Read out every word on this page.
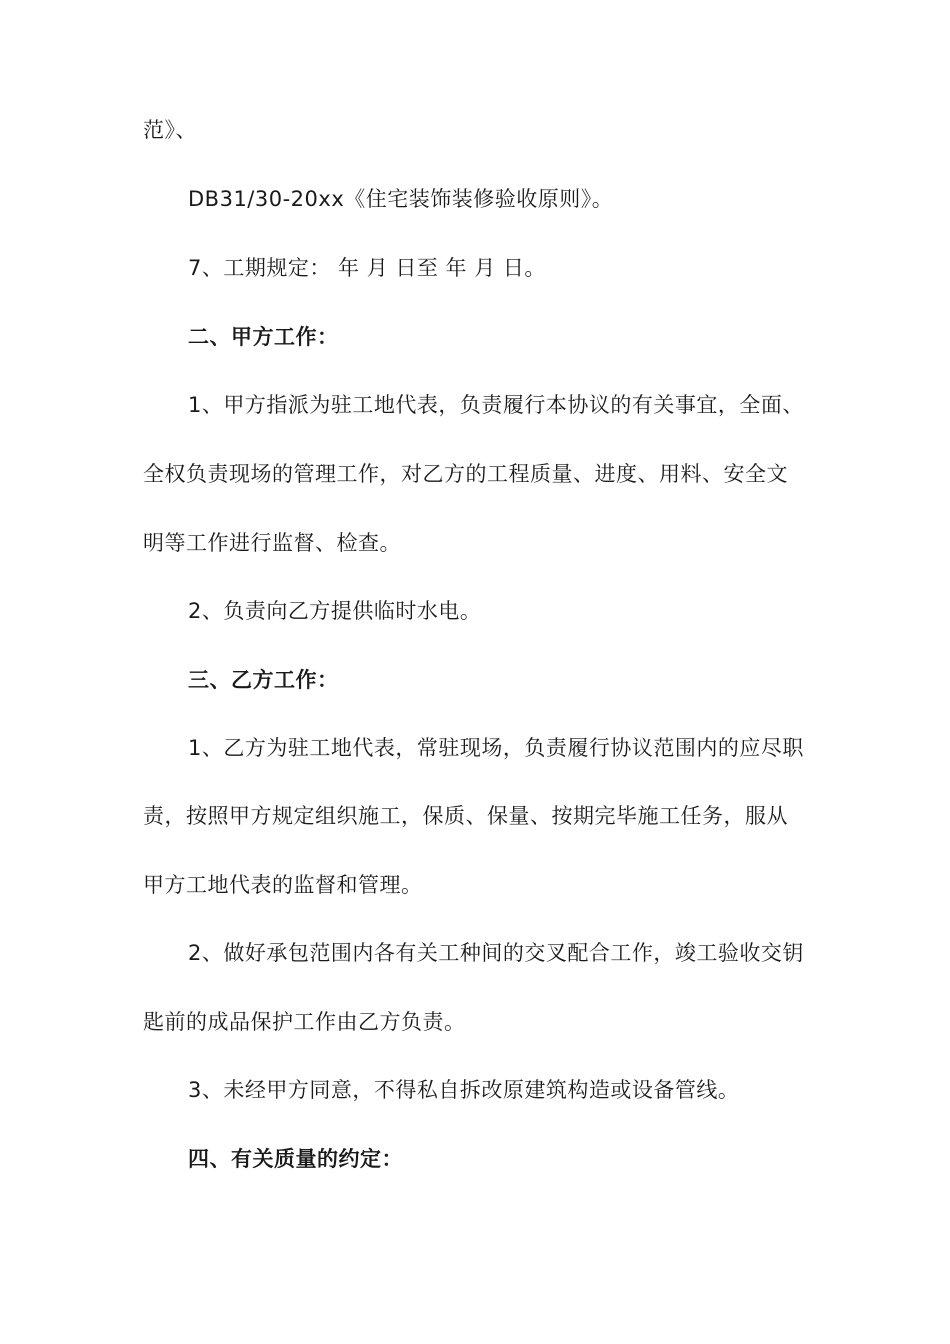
范》、
DB31/30-20xx《住宅装饰装修验收原则》。
7、工期规定： 年 月 日至 年 月 日。
二、甲方工作：
1、甲方指派为驻工地代表，负责履行本协议的有关事宜，全面、
全权负责现场的管理工作，对乙方的工程质量、进度、用料、安全文
明等工作进行监督、检查。
2、负责向乙方提供临时水电。
三、乙方工作：
1、乙方为驻工地代表，常驻现场，负责履行协议范围内的应尽职
责，按照甲方规定组织施工，保质、保量、按期完毕施工任务，服从
甲方工地代表的监督和管理。
2、做好承包范围内各有关工种间的交叉配合工作，竣工验收交钥
匙前的成品保护工作由乙方负责。
3、未经甲方同意，不得私自拆改原建筑构造或设备管线。
四、有关质量的约定：
